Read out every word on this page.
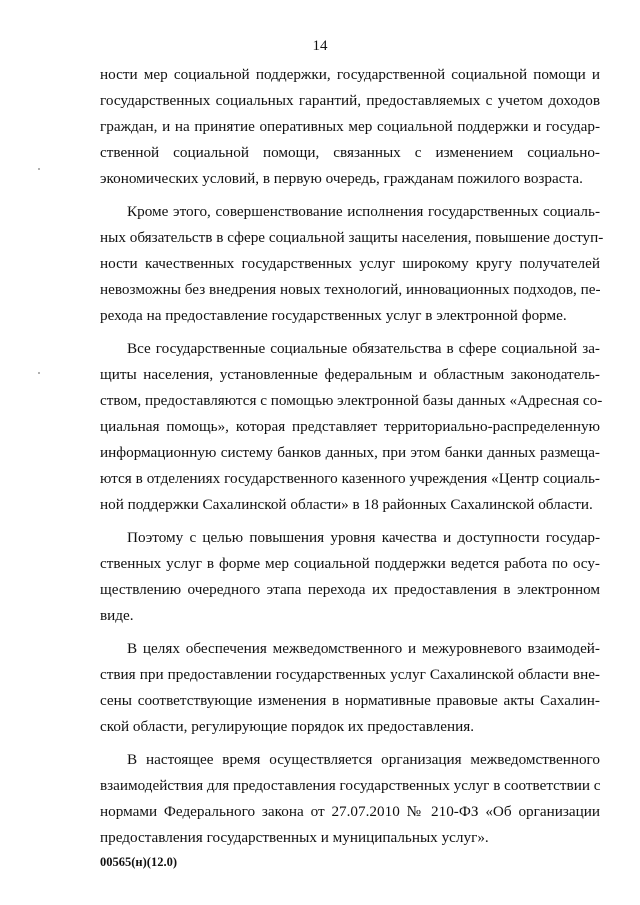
14
ности мер социальной поддержки, государственной социальной помощи и
государственных социальных гарантий, предоставляемых с учетом доходов
граждан, и на принятие оперативных мер социальной поддержки и государ-
ственной социальной помощи, связанных с изменением социально-
экономических условий, в первую очередь, гражданам пожилого возраста.
Кроме этого, совершенствование исполнения государственных социаль-
ных обязательств в сфере социальной защиты населения, повышение доступ-
ности качественных государственных услуг широкому кругу получателей
невозможны без внедрения новых технологий, инновационных подходов, пе-
рехода на предоставление государственных услуг в электронной форме.
Все государственные социальные обязательства в сфере социальной за-
щиты населения, установленные федеральным и областным законодатель-
ством, предоставляются с помощью электронной базы данных «Адресная со-
циальная помощь», которая представляет территориально-распределенную
информационную систему банков данных, при этом банки данных размеща-
ются в отделениях государственного казенного учреждения «Центр социаль-
ной поддержки Сахалинской области» в 18 районных Сахалинской области.
Поэтому с целью повышения уровня качества и доступности государ-
ственных услуг в форме мер социальной поддержки ведется работа по осу-
ществлению очередного этапа перехода их предоставления в электронном
виде.
В целях обеспечения межведомственного и межуровневого взаимодей-
ствия при предоставлении государственных услуг Сахалинской области вне-
сены соответствующие изменения в нормативные правовые акты Сахалин-
ской области, регулирующие порядок их предоставления.
В настоящее время осуществляется организация межведомственного
взаимодействия для предоставления государственных услуг в соответствии с
нормами Федерального закона от 27.07.2010 № 210-ФЗ «Об организации
предоставления государственных и муниципальных услуг».
00565(н)(12.0)
